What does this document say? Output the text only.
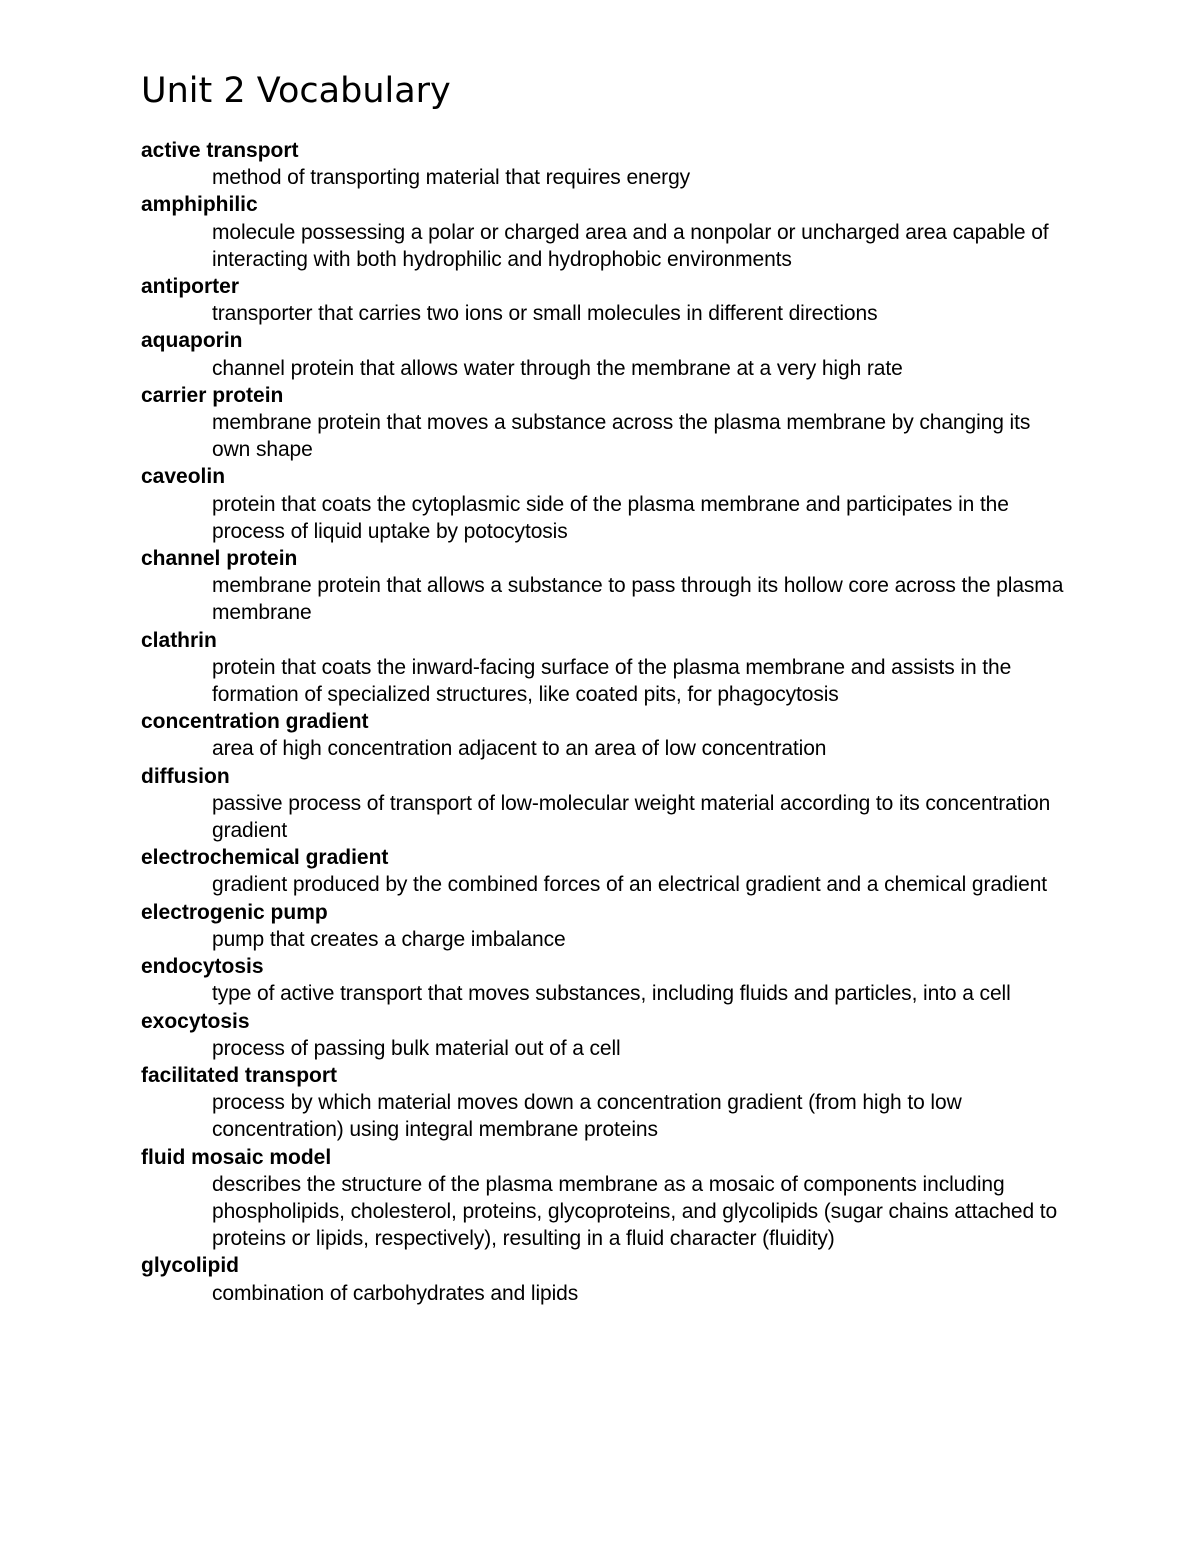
Unit 2 Vocabulary
active transport
method of transporting material that requires energy
amphiphilic
molecule possessing a polar or charged area and a nonpolar or uncharged area capable of interacting with both hydrophilic and hydrophobic environments
antiporter
transporter that carries two ions or small molecules in different directions
aquaporin
channel protein that allows water through the membrane at a very high rate
carrier protein
membrane protein that moves a substance across the plasma membrane by changing its own shape
caveolin
protein that coats the cytoplasmic side of the plasma membrane and participates in the process of liquid uptake by potocytosis
channel protein
membrane protein that allows a substance to pass through its hollow core across the plasma membrane
clathrin
protein that coats the inward-facing surface of the plasma membrane and assists in the formation of specialized structures, like coated pits, for phagocytosis
concentration gradient
area of high concentration adjacent to an area of low concentration
diffusion
passive process of transport of low-molecular weight material according to its concentration gradient
electrochemical gradient
gradient produced by the combined forces of an electrical gradient and a chemical gradient
electrogenic pump
pump that creates a charge imbalance
endocytosis
type of active transport that moves substances, including fluids and particles, into a cell
exocytosis
process of passing bulk material out of a cell
facilitated transport
process by which material moves down a concentration gradient (from high to low concentration) using integral membrane proteins
fluid mosaic model
describes the structure of the plasma membrane as a mosaic of components including phospholipids, cholesterol, proteins, glycoproteins, and glycolipids (sugar chains attached to proteins or lipids, respectively), resulting in a fluid character (fluidity)
glycolipid
combination of carbohydrates and lipids
